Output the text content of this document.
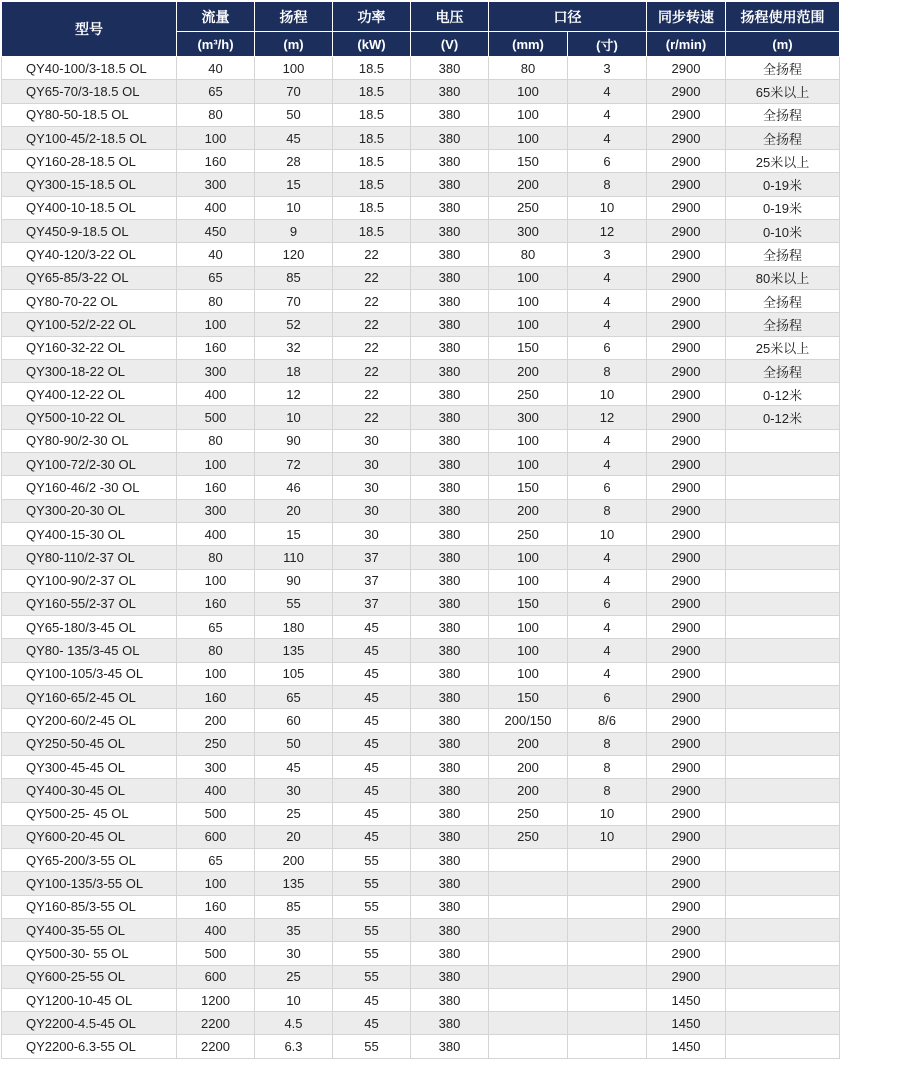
型号	流量	扬程	功率	电压	口径		同步转速	扬程使用范围
	(m³/h)	(m)	(kW)	(V)	(mm)	(寸)	(r/min)	(m)
QY40-100/3-18.5 OL	40	100	18.5	380	80	3	2900	全扬程
QY65-70/3-18.5 OL	65	70	18.5	380	100	4	2900	65米以上
QY80-50-18.5 OL	80	50	18.5	380	100	4	2900	全扬程
QY100-45/2-18.5 OL	100	45	18.5	380	100	4	2900	全扬程
QY160-28-18.5 OL	160	28	18.5	380	150	6	2900	25米以上
QY300-15-18.5 OL	300	15	18.5	380	200	8	2900	0-19米
QY400-10-18.5 OL	400	10	18.5	380	250	10	2900	0-19米
QY450-9-18.5 OL	450	9	18.5	380	300	12	2900	0-10米
QY40-120/3-22 OL	40	120	22	380	80	3	2900	全扬程
QY65-85/3-22 OL	65	85	22	380	100	4	2900	80米以上
QY80-70-22 OL	80	70	22	380	100	4	2900	全扬程
QY100-52/2-22 OL	100	52	22	380	100	4	2900	全扬程
QY160-32-22 OL	160	32	22	380	150	6	2900	25米以上
QY300-18-22 OL	300	18	22	380	200	8	2900	全扬程
QY400-12-22 OL	400	12	22	380	250	10	2900	0-12米
QY500-10-22 OL	500	10	22	380	300	12	2900	0-12米
QY80-90/2-30 OL	80	90	30	380	100	4	2900	
QY100-72/2-30 OL	100	72	30	380	100	4	2900	
QY160-46/2 -30 OL	160	46	30	380	150	6	2900	
QY300-20-30 OL	300	20	30	380	200	8	2900	
QY400-15-30 OL	400	15	30	380	250	10	2900	
QY80-110/2-37 OL	80	110	37	380	100	4	2900	
QY100-90/2-37 OL	100	90	37	380	100	4	2900	
QY160-55/2-37 OL	160	55	37	380	150	6	2900	
QY65-180/3-45 OL	65	180	45	380	100	4	2900	
QY80- 135/3-45 OL	80	135	45	380	100	4	2900	
QY100-105/3-45 OL	100	105	45	380	100	4	2900	
QY160-65/2-45 OL	160	65	45	380	150	6	2900	
QY200-60/2-45 OL	200	60	45	380	200/150	8/6	2900	
QY250-50-45 OL	250	50	45	380	200	8	2900	
QY300-45-45 OL	300	45	45	380	200	8	2900	
QY400-30-45 OL	400	30	45	380	200	8	2900	
QY500-25- 45 OL	500	25	45	380	250	10	2900	
QY600-20-45 OL	600	20	45	380	250	10	2900	
QY65-200/3-55 OL	65	200	55	380			2900	
QY100-135/3-55 OL	100	135	55	380			2900	
QY160-85/3-55 OL	160	85	55	380			2900	
QY400-35-55 OL	400	35	55	380			2900	
QY500-30- 55 OL	500	30	55	380			2900	
QY600-25-55 OL	600	25	55	380			2900	
QY1200-10-45 OL	1200	10	45	380			1450	
QY2200-4.5-45 OL	2200	4.5	45	380			1450	
QY2200-6.3-55 OL	2200	6.3	55	380			1450	
